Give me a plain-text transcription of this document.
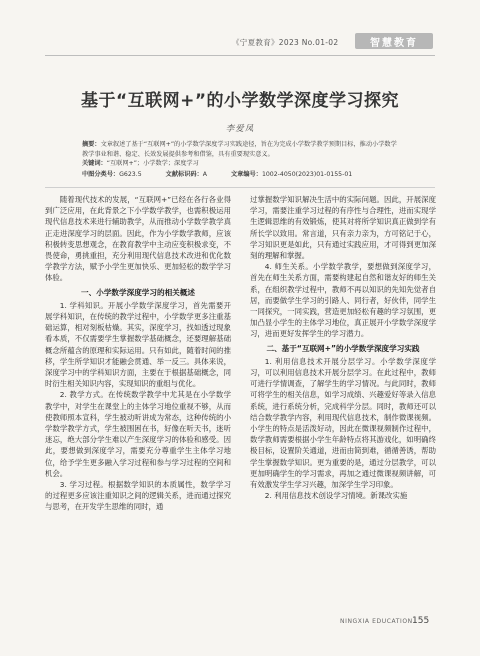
《宁夏教育》2023 No.01-02	智慧教育
基于“互联网+”的小学数学深度学习探究
李爱凤
摘要：文章叙述了基于“互联网+”的小学数学深度学习实践途径，旨在为完成小学数学教学预期目标，推动小学数学教学事业和谐、稳定、长效发展提供参考和借鉴，具有重要现实意义。
关键词：“互联网+”；小学数学；深度学习
中图分类号：G623.5	文献标识码：A	文章编号：1002-4050(2023)01-0155-01

随着现代技术的发展，“互联网+”已经在各行各业得到广泛应用，在此背景之下小学数学教学，也需积极运用现代信息技术来进行辅助教学，从而推动小学数学教学真正走进深度学习的层面。因此，作为小学数学教师，应该积极转变思想观念，在教育教学中主动应变积极求变，不畏使命，勇挑重担，充分利用现代信息技术改进和优化数学教学方法，赋予小学生更加快乐、更加轻松的数学学习体验。

一、小学数学深度学习的相关概述

1. 学科知识。开展小学数学深度学习，首先需要开展学科知识，在传统的教学过程中，小学数学更多注重基础运算，相对刻板枯燥。其实，深度学习，找如透过现象看本质，不仅需要学生掌握数学基础概念，还要理解基础概念所蕴含的原理和实际运用。只有如此，随着时间的推移，学生所学知识才能融会贯通、举一反三。具体来说，深度学习中的学科知识方面，主要在于根据基础概念，同时衍生相关知识内容，实现知识的重组与优化。

2. 教学方式。在传统数学教学中尤其是在小学数学教学中，对学生在课堂上的主体学习地位重视不够，从而使教师照本宣科，学生被动听讲成为常态，这种传统的小学数学教学方式，学生被围困在书，好像在听天书，迷听迷忘，绝大部分学生难以产生深度学习的体验和感受。因此，要想做到深度学习，需要充分尊重学生主体学习地位，给予学生更多融入学习过程和参与学习过程的空间和机会。

3. 学习过程。根据数学知识的本质属性，数学学习的过程更多应该注重知识之间的逻辑关系，进而通过探究与思考，在开发学生思维的同时，通

过掌握数学知识解决生活中的实际问题。因此，开展深度学习，需要注重学习过程的有序性与合理性，进而实现学生逻辑思维的有效锻炼，使其对将所学知识真正做到学有所长学以致用。常言道，只有亲力亲为，方可铭记于心，学习知识更是如此，只有通过实践应用，才可得到更加深刻的理解和掌握。

4. 师生关系。小学数学教学，要想做到深度学习，首先在师生关系方面，需要构建起自然和谐友好的师生关系，在组织教学过程中，教师不再以知识的先知先觉者自居，而要做学生学习的引路人、同行者，好伙伴，同学生一同探究，一同实践，营造更加轻松有趣的学习氛围，更加凸显小学生的主体学习地位，真正展开小学数学深度学习，进而更好发挥学生的学习潜力。

二、基于“互联网+”的小学数学深度学习实践

1. 利用信息技术开展分层学习。小学数学深度学习，可以利用信息技术开展分层学习。在此过程中，教师可进行学情调查，了解学生的学习情况。与此同时，教师可将学生的相关信息，如学习成绩、兴趣爱好等录入信息系统，进行系统分析，完成科学分层。同时，教师还可以结合数学教学内容，利用现代信息技术，制作微课视频。小学生的特点是活泼好动，因此在微课视频制作过程中，数学教师需要根据小学生年龄特点将其游戏化，如明确终极目标，设置阶关通道，进而由简到难，循循善诱，帮助学生掌握数学知识。更为重要的是，通过分层教学，可以更加明确学生的学习需求，再加之通过微课视频讲解，可有效激发学生学习兴趣，加深学生学习印象。

2. 利用信息技术创设学习情境。新课改实施

NINGXIA EDUCATION 155
